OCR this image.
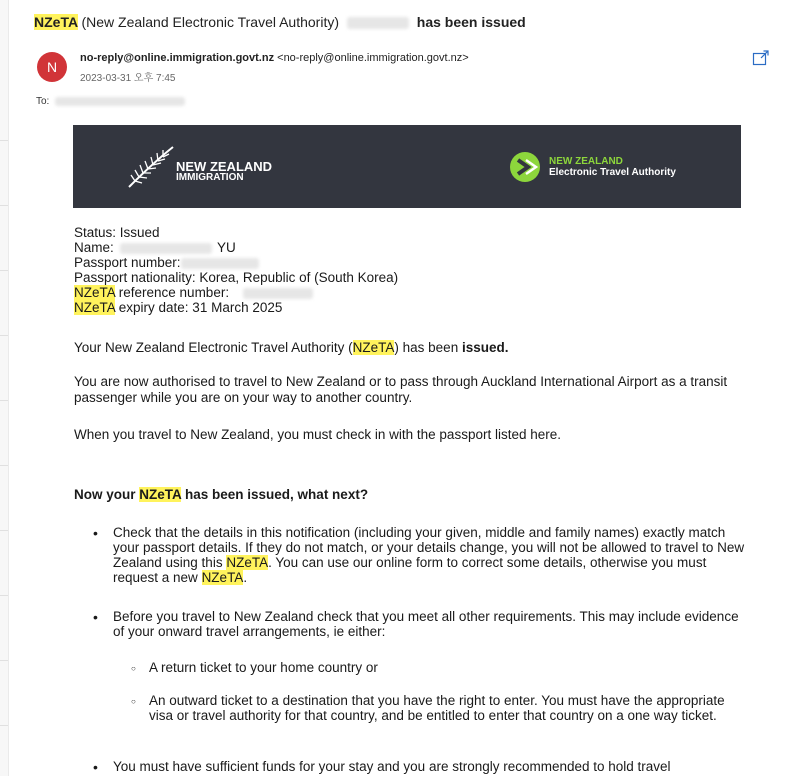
NZeTA (New Zealand Electronic Travel Authority)	has been issued
N
no-reply@online.immigration.govt.nz <no-reply@online.immigration.govt.nz>
2023-03-31 오후 7:45
To:
NEW ZEALAND
IMMIGRATION
NEW ZEALAND
Electronic Travel Authority
Status: Issued
Name:	YU
Passport number:
Passport nationality: Korea, Republic of (South Korea)
NZeTA reference number:
NZeTA expiry date: 31 March 2025
Your New Zealand Electronic Travel Authority (NZeTA) has been issued.
You are now authorised to travel to New Zealand or to pass through Auckland International Airport as a transit passenger while you are on your way to another country.
When you travel to New Zealand, you must check in with the passport listed here.
Now your NZeTA has been issued, what next?
• Check that the details in this notification (including your given, middle and family names) exactly match your passport details. If they do not match, or your details change, you will not be allowed to travel to New Zealand using this NZeTA. You can use our online form to correct some details, otherwise you must request a new NZeTA.
• Before you travel to New Zealand check that you meet all other requirements. This may include evidence of your onward travel arrangements, ie either:
○ A return ticket to your home country or
○ An outward ticket to a destination that you have the right to enter. You must have the appropriate visa or travel authority for that country, and be entitled to enter that country on a one way ticket.
• You must have sufficient funds for your stay and you are strongly recommended to hold travel
